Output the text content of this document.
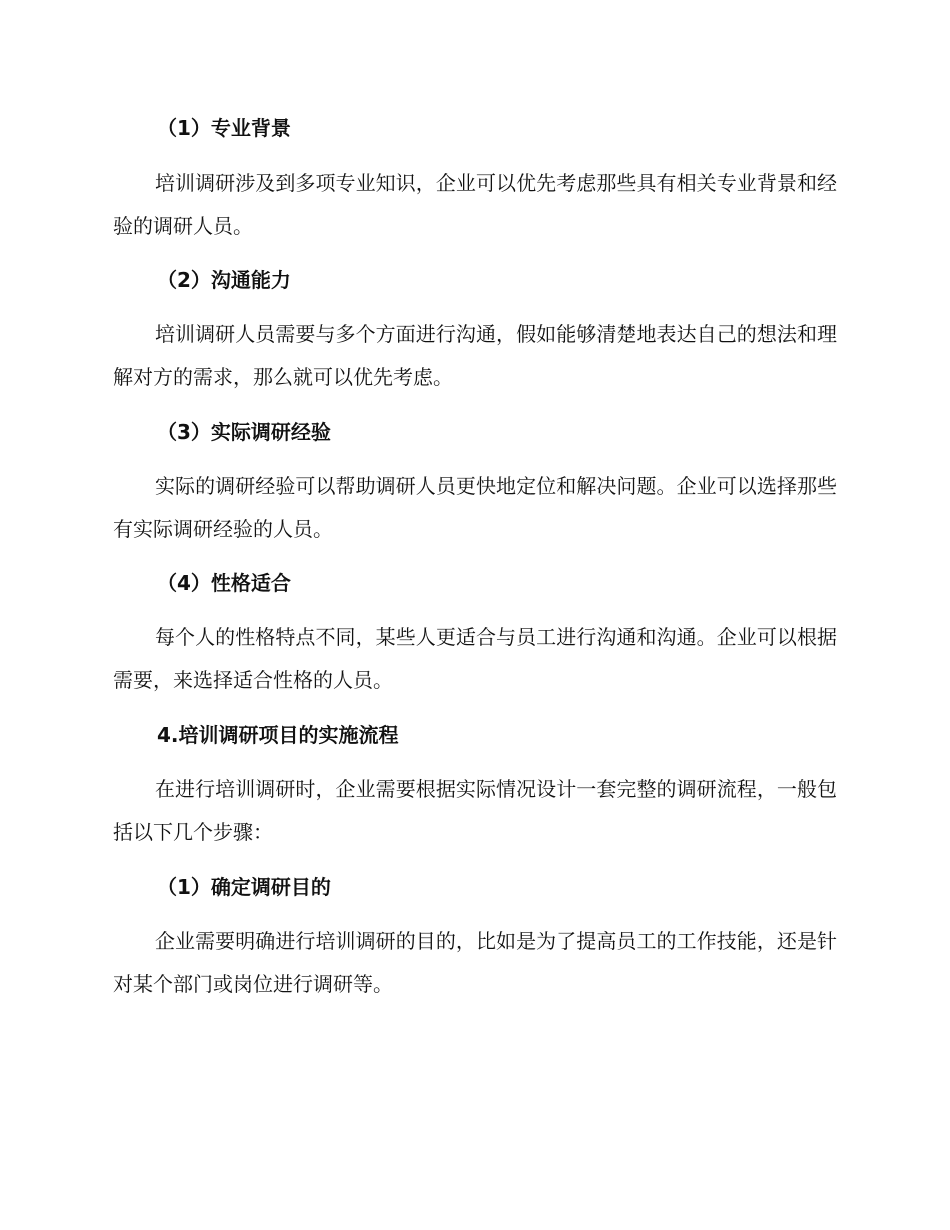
（1）专业背景
培训调研涉及到多项专业知识，企业可以优先考虑那些具有相关专业背景和经验的调研人员。
（2）沟通能力
培训调研人员需要与多个方面进行沟通，假如能够清楚地表达自己的想法和理解对方的需求，那么就可以优先考虑。
（3）实际调研经验
实际的调研经验可以帮助调研人员更快地定位和解决问题。企业可以选择那些有实际调研经验的人员。
（4）性格适合
每个人的性格特点不同，某些人更适合与员工进行沟通和沟通。企业可以根据需要，来选择适合性格的人员。
4.培训调研项目的实施流程
在进行培训调研时，企业需要根据实际情况设计一套完整的调研流程，一般包括以下几个步骤：
（1）确定调研目的
企业需要明确进行培训调研的目的，比如是为了提高员工的工作技能，还是针对某个部门或岗位进行调研等。
